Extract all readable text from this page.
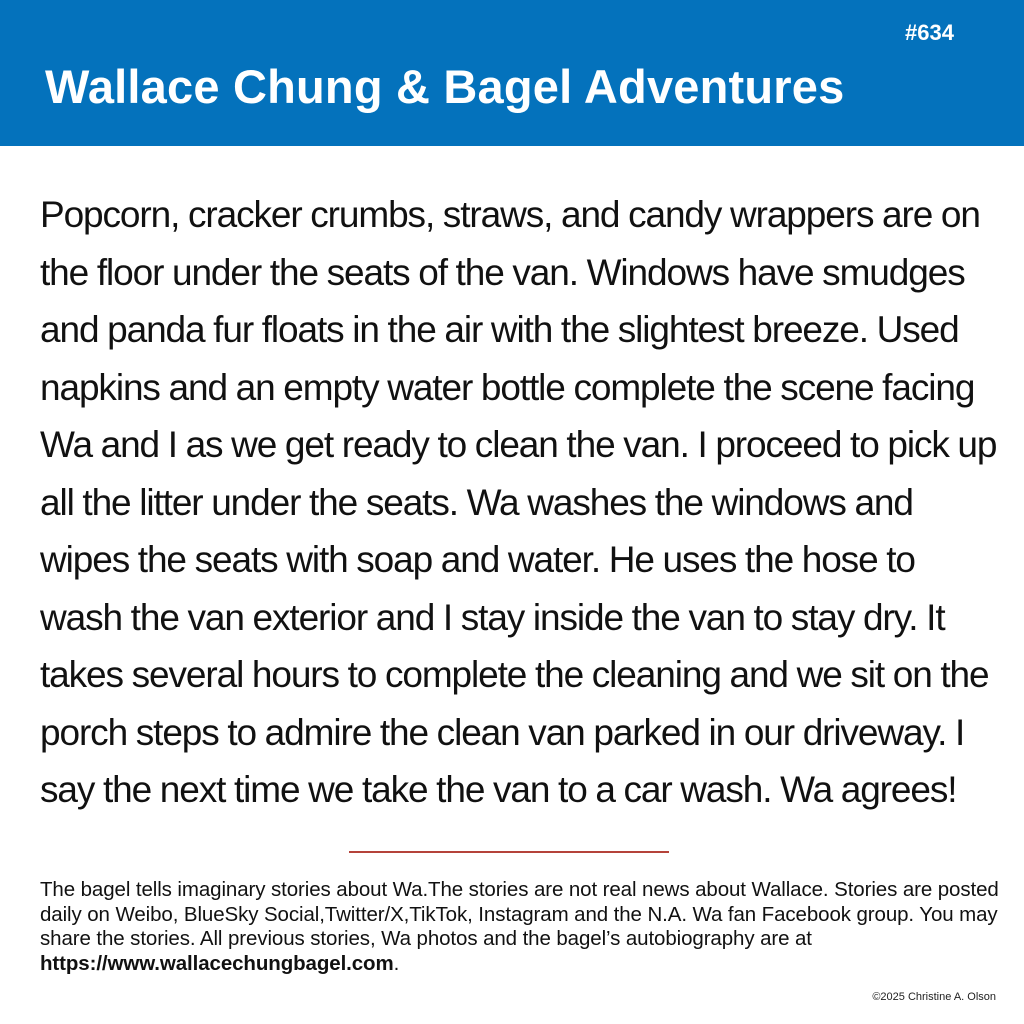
#634
Wallace Chung & Bagel Adventures

Popcorn, cracker crumbs, straws, and candy wrappers are on the floor under the seats of the van. Windows have smudges and panda fur floats in the air with the slightest breeze. Used napkins and an empty water bottle complete the scene facing Wa and I as we get ready to clean the van. I proceed to pick up all the litter under the seats. Wa washes the windows and wipes the seats with soap and water. He uses the hose to wash the van exterior and I stay inside the van to stay dry. It takes several hours to complete the cleaning and we sit on the porch steps to admire the clean van parked in our driveway. I say the next time we take the van to a car wash. Wa agrees!

The bagel tells imaginary stories about Wa.The stories are not real news about Wallace. Stories are posted daily on Weibo, BlueSky Social,Twitter/X,TikTok, Instagram and the N.A. Wa fan Facebook group. You may share the stories. All previous stories, Wa photos and the bagel’s autobiography are at https://www.wallacechungbagel.com.

©2025 Christine A. Olson
